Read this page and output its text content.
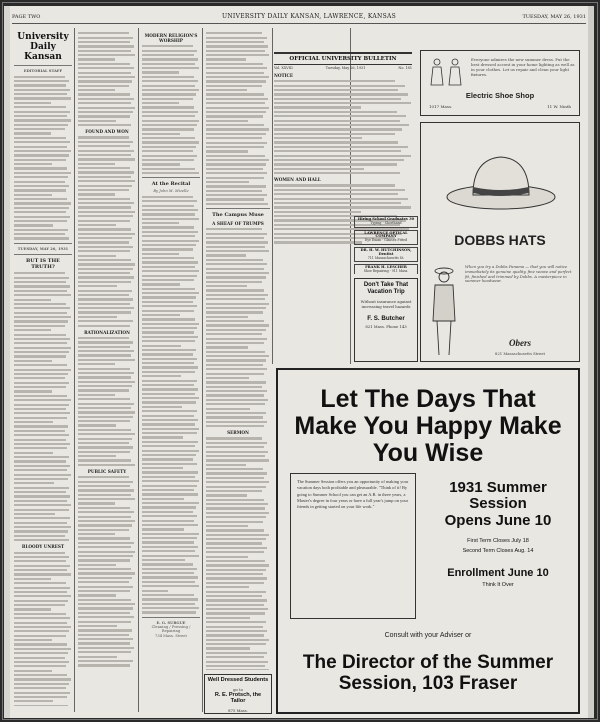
PAGE TWO	UNIVERSITY DAILY KANSAN, LAWRENCE, KANSAS	TUESDAY, MAY 26, 1931
University Daily Kansan
EDITORIAL STAFF
TUESDAY, MAY 26, 1931
BUT IS THE TRUTH?
BLOODY UNREST
FOUND AND WON
RATIONALIZATION
PUBLIC SAFETY
MODERN RELIGION'S WORSHIP
At the Recital
By John M. Mizelle
E. G. SURGUE
Cleaning / Pressing / Repairing
734 Mass. Street
Well Dressed Students
go to
R. E. Protsch, the Tailor
875 Mass.
The Campus Muse
A SHEAF OF TRUMPS
SERMON
OFFICIAL UNIVERSITY BULLETIN
Vol. XXVIII	Tuesday, May 26, 1931	No. 181
NOTICE
WOMEN AND HALL
Hiring School Graduates 30
Typing - Shorthand
LAWRENCE OPTICAL COMPANY
Eye Exam - Glasses Fitted
DR. H. W. HUTCHINSON, Dentist
711 Massachusetts St.
FRANK H. LESCHER
Shoe Repairing - 911 Mass.
Don't Take That Vacation Trip
Without insurance against increasing travel hazards
F. S. Butcher
821 Mass. Phone 143
Everyone admires the new summer dress. Put the best dressed accent in your home lighting as well as in your clothes. Let us repair and clean your light fixtures.
Electric Shoe Shop
1017 Mass.	11 W. Ninth
DOBBS HATS
When you try a Dobbs Panama — that you will notice immediately its genuine quality, fine weave and perfect fit, finished and trimmed by Dobbs. A masterpiece in summer headwear.
Obers
821 Massachusetts Street
Let The Days That Make You Happy Make You Wise
The Summer Session offers you an opportunity of making your vacation days both profitable and pleasurable. "Think of it! By going to Summer School you can get an A.B. in three years, a Master's degree in four years or have a full year's jump on your friends in getting started on your life work."
1931 Summer Session
Opens June 10
First Term Closes July 18
Second Term Closes Aug. 14
Enrollment June 10
Think It Over
Consult with your Adviser or
The Director of the Summer Session, 103 Fraser
